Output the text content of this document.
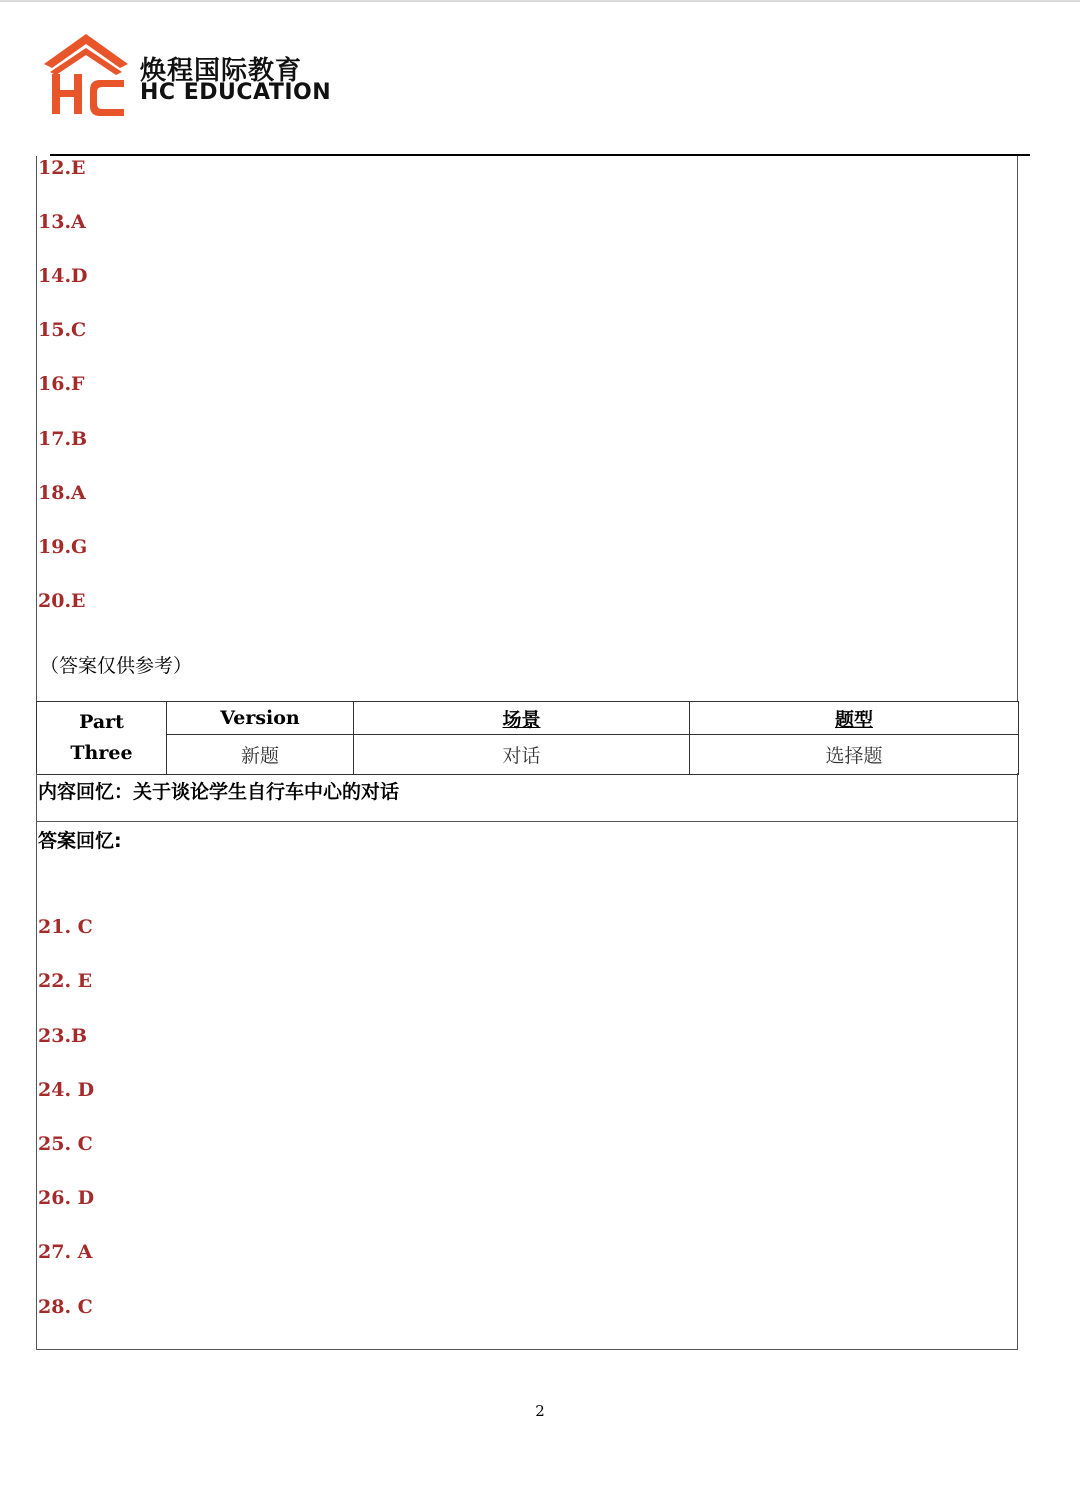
焕程国际教育
HC EDUCATION
12.E
13.A
14.D
15.C
16.F
17.B
18.A
19.G
20.E
（答案仅供参考）
Part
Three	Version	场景	题型
	新题	对话	选择题
内容回忆：关于谈论学生自行车中心的对话
答案回忆:
21. C
22. E
23.B
24. D
25. C
26. D
27. A
28. C
2
